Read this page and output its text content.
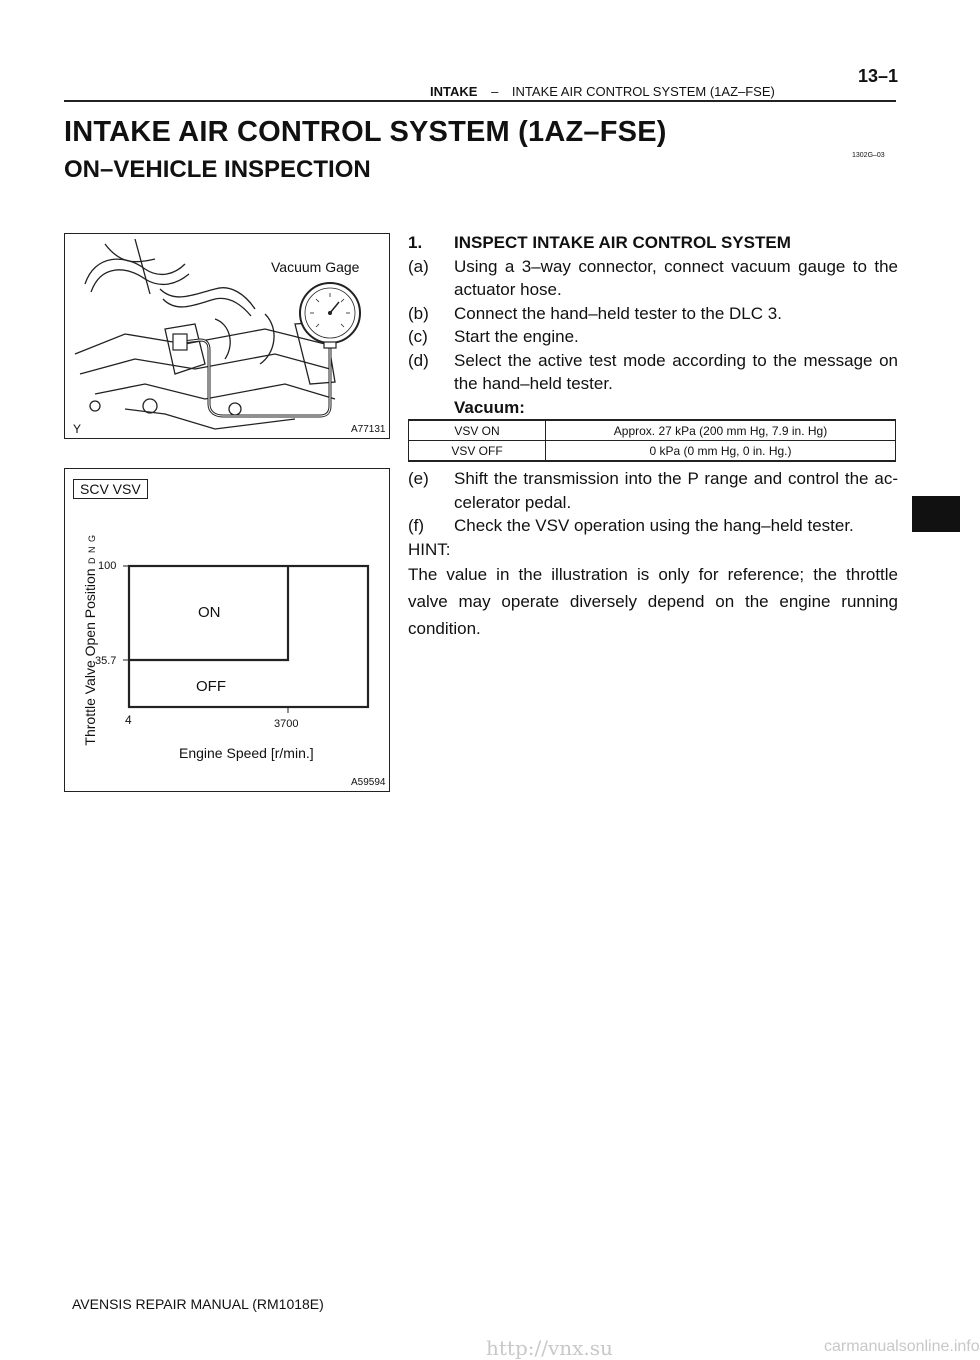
13–1
INTAKE – INTAKE AIR CONTROL SYSTEM (1AZ–FSE)
INTAKE AIR CONTROL SYSTEM (1AZ–FSE)
ON–VEHICLE INSPECTION
1302G–03
Vacuum Gage
Y	A77131
SCV VSV
100
35.7
4	3700
ON
OFF
Engine Speed [r/min.]
Throttle Valve Open Position
D N G
A59594
1.	INSPECT INTAKE AIR CONTROL SYSTEM
(a)	Using a 3–way connector, connect vacuum gauge to the actuator hose.
(b)	Connect the hand–held tester to the DLC 3.
(c)	Start the engine.
(d)	Select the active test mode according to the message on the hand–held tester.
Vacuum:
VSV ON	Approx. 27 kPa (200 mm Hg, 7.9 in. Hg)
VSV OFF	0 kPa (0 mm Hg, 0 in. Hg.)
(e)	Shift the transmission into the P range and control the ac-celerator pedal.
(f)	Check the VSV operation using the hang–held tester.
HINT:
The value in the illustration is only for reference; the throttle valve may operate diversely depend on the engine running condition.
AVENSIS REPAIR MANUAL (RM1018E)
http://vnx.su	carmanualsonline.info
